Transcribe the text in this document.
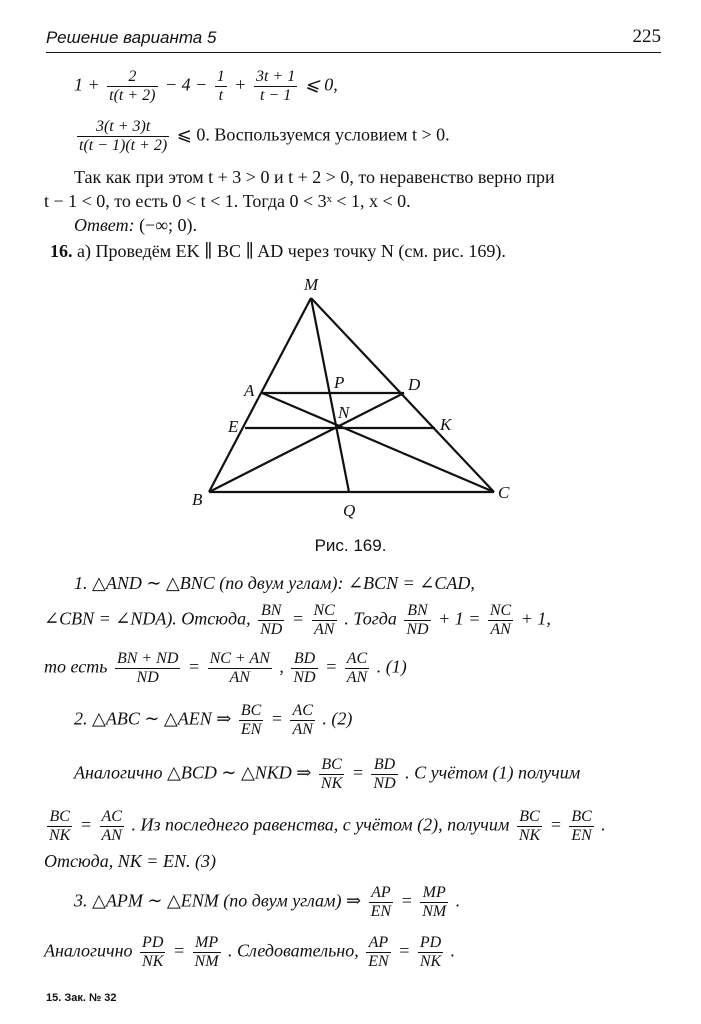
Решение варианта 5	225
$1 + \frac{2}{t(t + 2)} - 4 - \frac{1}{t} + \frac{3t + 1}{t - 1}$ ⩽ 0,
$\frac{3(t + 3)t}{t(t - 1)(t + 2)}$ ⩽ 0. Воспользуемся условием t > 0.
Так как при этом t + 3 > 0 и t + 2 > 0, то неравенство верно при
t − 1 < 0, то есть 0 < t < 1. Тогда 0 < 3ˣ < 1, x < 0.
Ответ: (−∞; 0).
16. а) Проведём EK ∥ BC ∥ AD через точку N (см. рис. 169).
M
A	P	D
E
N
K
B
Q
C
Рис. 169.
1. △AND ∼ △BNC (по двум углам): ∠BCN = ∠CAD,
∠CBN = ∠NDA). Отсюда, $\frac{BN}{ND} = \frac{NC}{AN}$ . Тогда $\frac{BN}{ND} + 1 = \frac{NC}{AN} + 1$,
то есть $\frac{BN + ND}{ND} = \frac{NC + AN}{AN}$ , $\frac{BD}{ND} = \frac{AC}{AN}$ . (1)
2. △ABC ∼ △AEN ⇒ $\frac{BC}{EN} = \frac{AC}{AN}$ . (2)
Аналогично △BCD ∼ △NKD ⇒ $\frac{BC}{NK} = \frac{BD}{ND}$ . С учётом (1) получим
$\frac{BC}{NK} = \frac{AC}{AN}$ . Из последнего равенства, с учётом (2), получим $\frac{BC}{NK} = \frac{BC}{EN}$ .
Отсюда, NK = EN. (3)
3. △APM ∼ △ENM (по двум углам) ⇒ $\frac{AP}{EN} = \frac{MP}{NM}$ .
Аналогично $\frac{PD}{NK} = \frac{MP}{NM}$ . Следовательно, $\frac{AP}{EN} = \frac{PD}{NK}$ .
15. Зак. № 32
